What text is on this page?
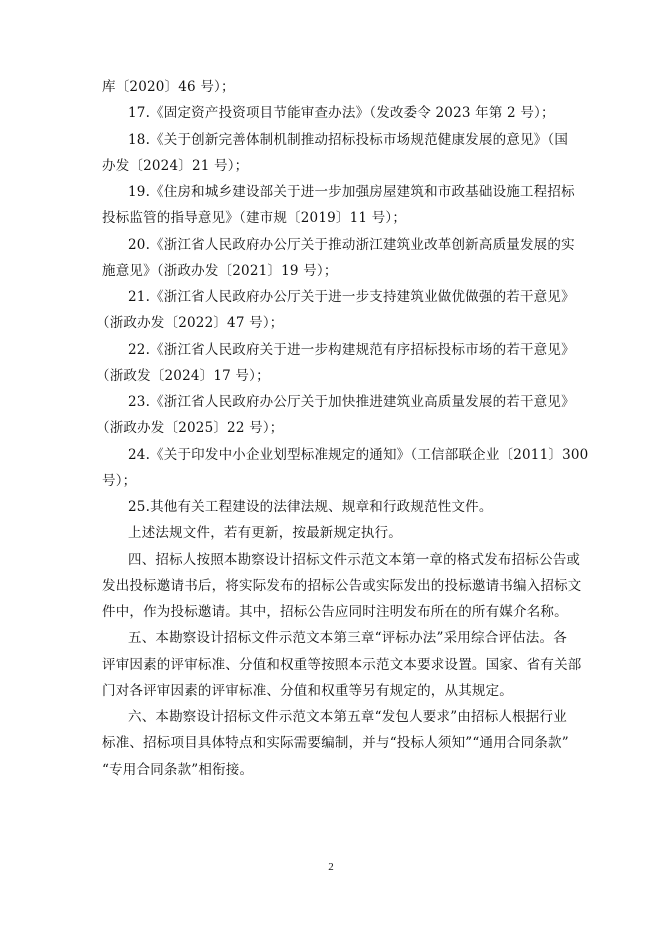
库〔2020〕46 号）；
17.《固定资产投资项目节能审查办法》（发改委令 2023 年第 2 号）；
18.《关于创新完善体制机制推动招标投标市场规范健康发展的意见》（国
办发〔2024〕21 号）；
19.《住房和城乡建设部关于进一步加强房屋建筑和市政基础设施工程招标
投标监管的指导意见》（建市规〔2019〕11 号）；
20.《浙江省人民政府办公厅关于推动浙江建筑业改革创新高质量发展的实
施意见》（浙政办发〔2021〕19 号）；
21.《浙江省人民政府办公厅关于进一步支持建筑业做优做强的若干意见》
（浙政办发〔2022〕47 号）；
22.《浙江省人民政府关于进一步构建规范有序招标投标市场的若干意见》
（浙政发〔2024〕17 号）；
23.《浙江省人民政府办公厅关于加快推进建筑业高质量发展的若干意见》
（浙政办发〔2025〕22 号）；
24.《关于印发中小企业划型标准规定的通知》（工信部联企业〔2011〕300
号）；
25.其他有关工程建设的法律法规、规章和行政规范性文件。
上述法规文件，若有更新，按最新规定执行。
四、招标人按照本勘察设计招标文件示范文本第一章的格式发布招标公告或
发出投标邀请书后，将实际发布的招标公告或实际发出的投标邀请书编入招标文
件中，作为投标邀请。其中，招标公告应同时注明发布所在的所有媒介名称。
五、本勘察设计招标文件示范文本第三章“评标办法”采用综合评估法。各
评审因素的评审标准、分值和权重等按照本示范文本要求设置。国家、省有关部
门对各评审因素的评审标准、分值和权重等另有规定的，从其规定。
六、本勘察设计招标文件示范文本第五章“发包人要求”由招标人根据行业
标准、招标项目具体特点和实际需要编制，并与“投标人须知”“通用合同条款”
“专用合同条款”相衔接。
2
